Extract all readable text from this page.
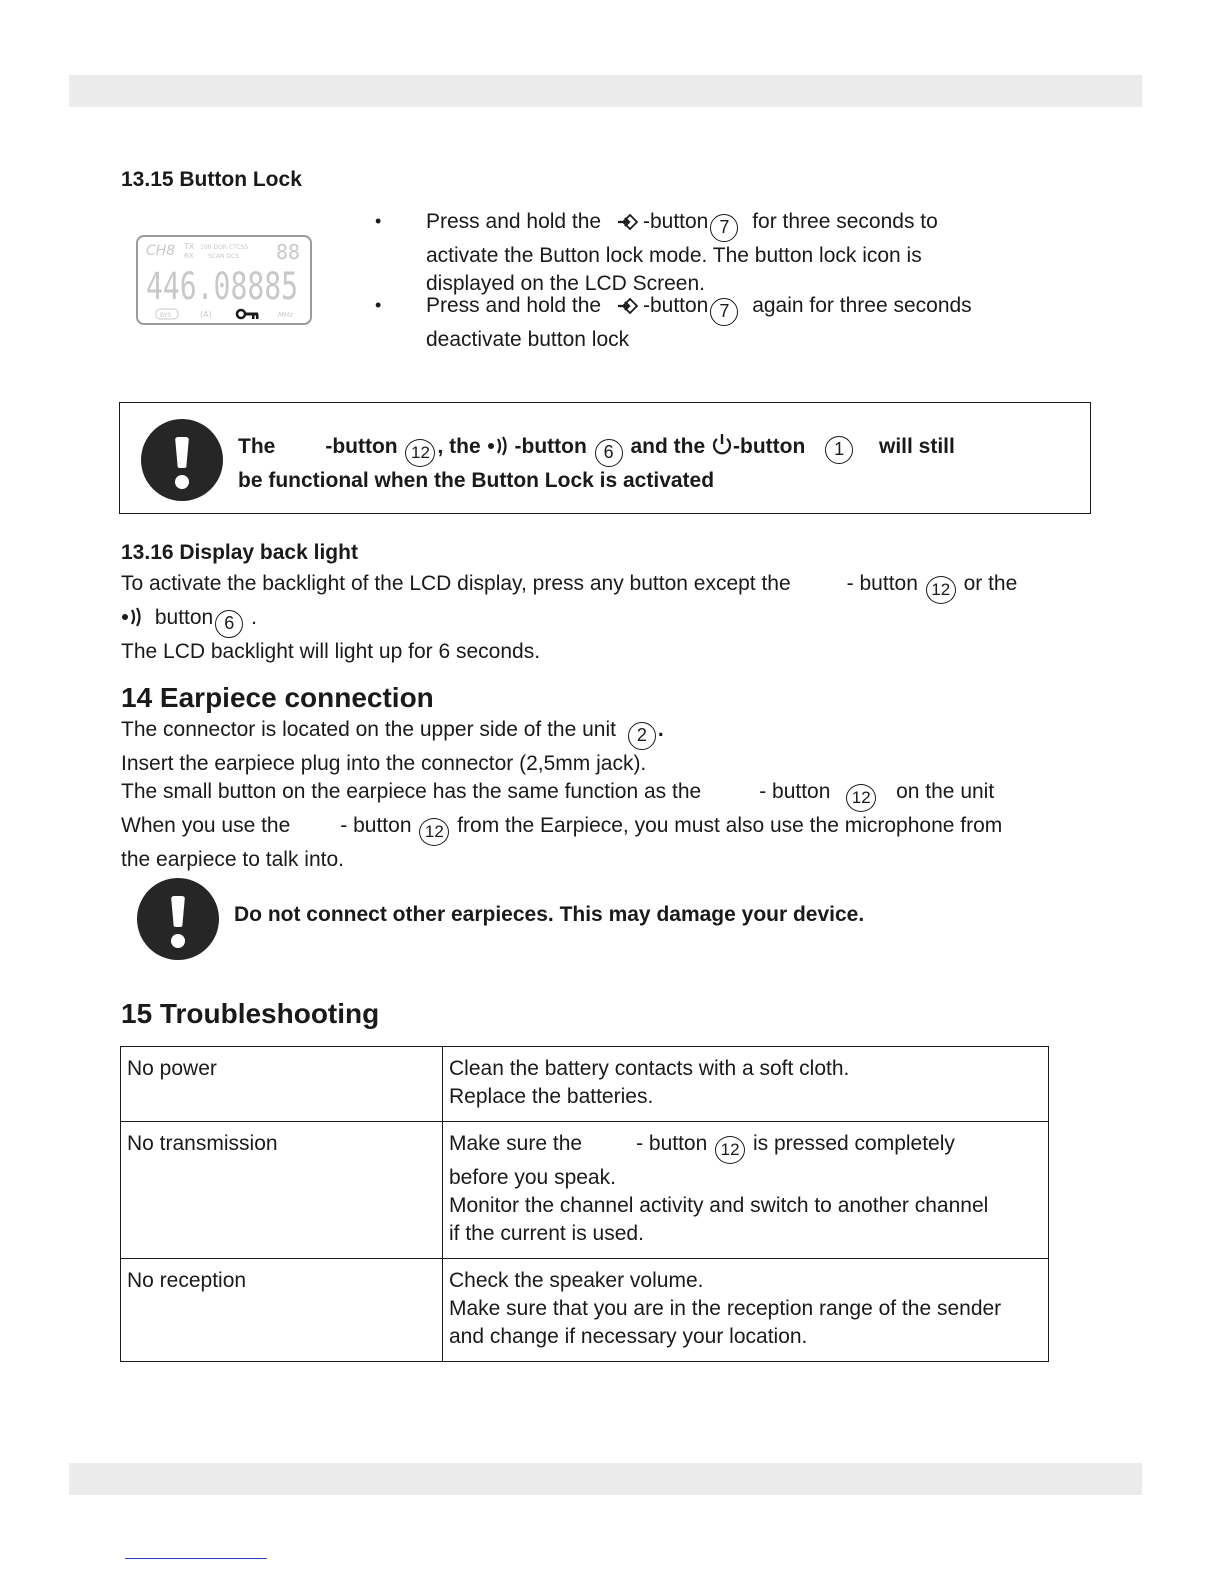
13.15 Button Lock
CH8 TX
RX
108 DOR CTCSS
SCAN DCS 88
446.08885
BYS	(A)	MHz
• Press and hold the -button 7 for three seconds to
activate the Button lock mode. The button lock icon is
displayed on the LCD Screen.
• Press and hold the -button 7 again for three seconds
deactivate button lock
The -button 12 , the -button 6 and the -button 1 will still
be functional when the Button Lock is activated
13.16 Display back light
To activate the backlight of the LCD display, press any button except the	- button 12 or the
button 6 .
The LCD backlight will light up for 6 seconds.
14 Earpiece connection
The connector is located on the upper side of the unit 2 .
Insert the earpiece plug into the connector (2,5mm jack).
The small button on the earpiece has the same function as the	- button 12 on the unit
When you use the - button 12 from the Earpiece, you must also use the microphone from
the earpiece to talk into.
Do not connect other earpieces. This may damage your device.
15 Troubleshooting
No power	Clean the battery contacts with a soft cloth.
Replace the batteries.

No transmission	Make sure the - button 12 is pressed completely
before you speak.
Monitor the channel activity and switch to another channel
if the current is used.

No reception	Check the speaker volume.
Make sure that you are in the reception range of the sender
and change if necessary your location.
